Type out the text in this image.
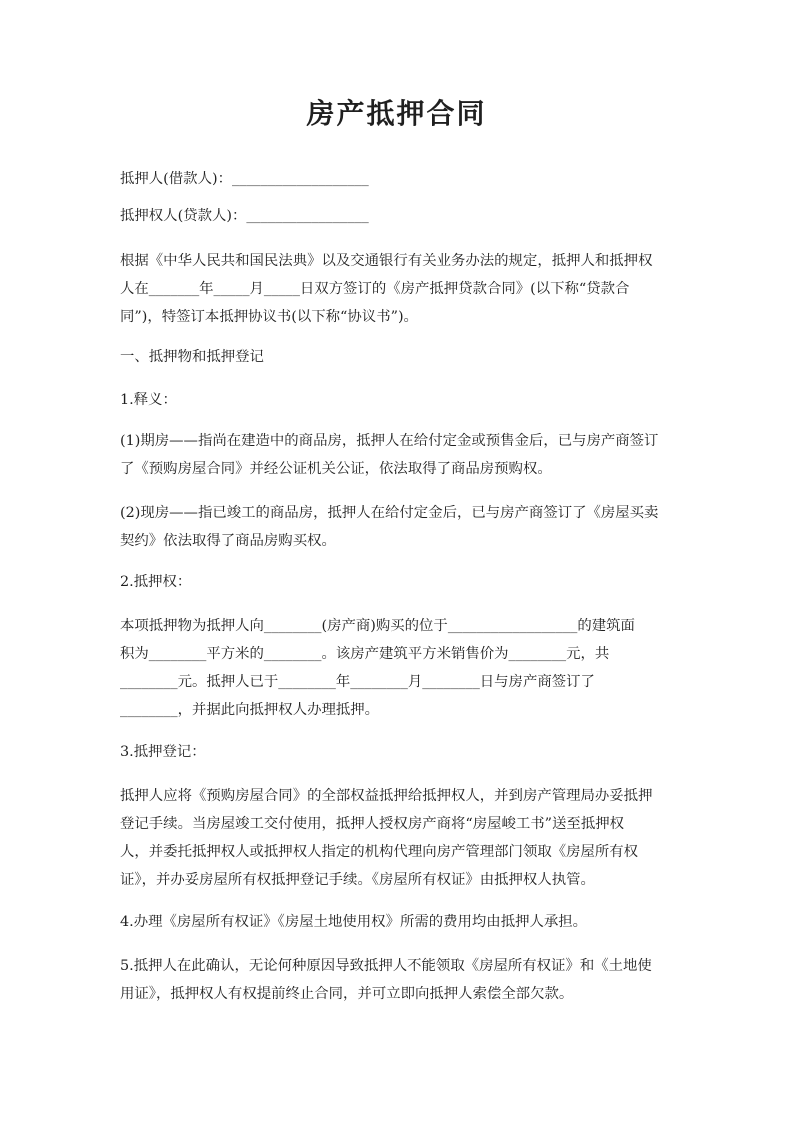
房产抵押合同
抵押人(借款人)：___________________
抵押权人(贷款人)：_________________
根据《中华人民共和国民法典》以及交通银行有关业务办法的规定，抵押人和抵押权
人在_______年_____月_____日双方签订的《房产抵押贷款合同》(以下称“贷款合
同”)，特签订本抵押协议书(以下称“协议书”)。
一、抵押物和抵押登记
1.释义：
(1)期房——指尚在建造中的商品房，抵押人在给付定金或预售金后，已与房产商签订
了《预购房屋合同》并经公证机关公证，依法取得了商品房预购权。
(2)现房——指已竣工的商品房，抵押人在给付定金后，已与房产商签订了《房屋买卖
契约》依法取得了商品房购买权。
2.抵押权：
本项抵押物为抵押人向________(房产商)购买的位于__________________的建筑面
积为________平方米的________。该房产建筑平方米销售价为________元，共
________元。抵押人已于________年________月________日与房产商签订了
________，并据此向抵押权人办理抵押。
3.抵押登记：
抵押人应将《预购房屋合同》的全部权益抵押给抵押权人，并到房产管理局办妥抵押
登记手续。当房屋竣工交付使用，抵押人授权房产商将“房屋峻工书”送至抵押权
人，并委托抵押权人或抵押权人指定的机构代理向房产管理部门领取《房屋所有权
证》，并办妥房屋所有权抵押登记手续。《房屋所有权证》由抵押权人执管。
4.办理《房屋所有权证》《房屋土地使用权》所需的费用均由抵押人承担。
5.抵押人在此确认，无论何种原因导致抵押人不能领取《房屋所有权证》和《土地使
用证》，抵押权人有权提前终止合同，并可立即向抵押人索偿全部欠款。
